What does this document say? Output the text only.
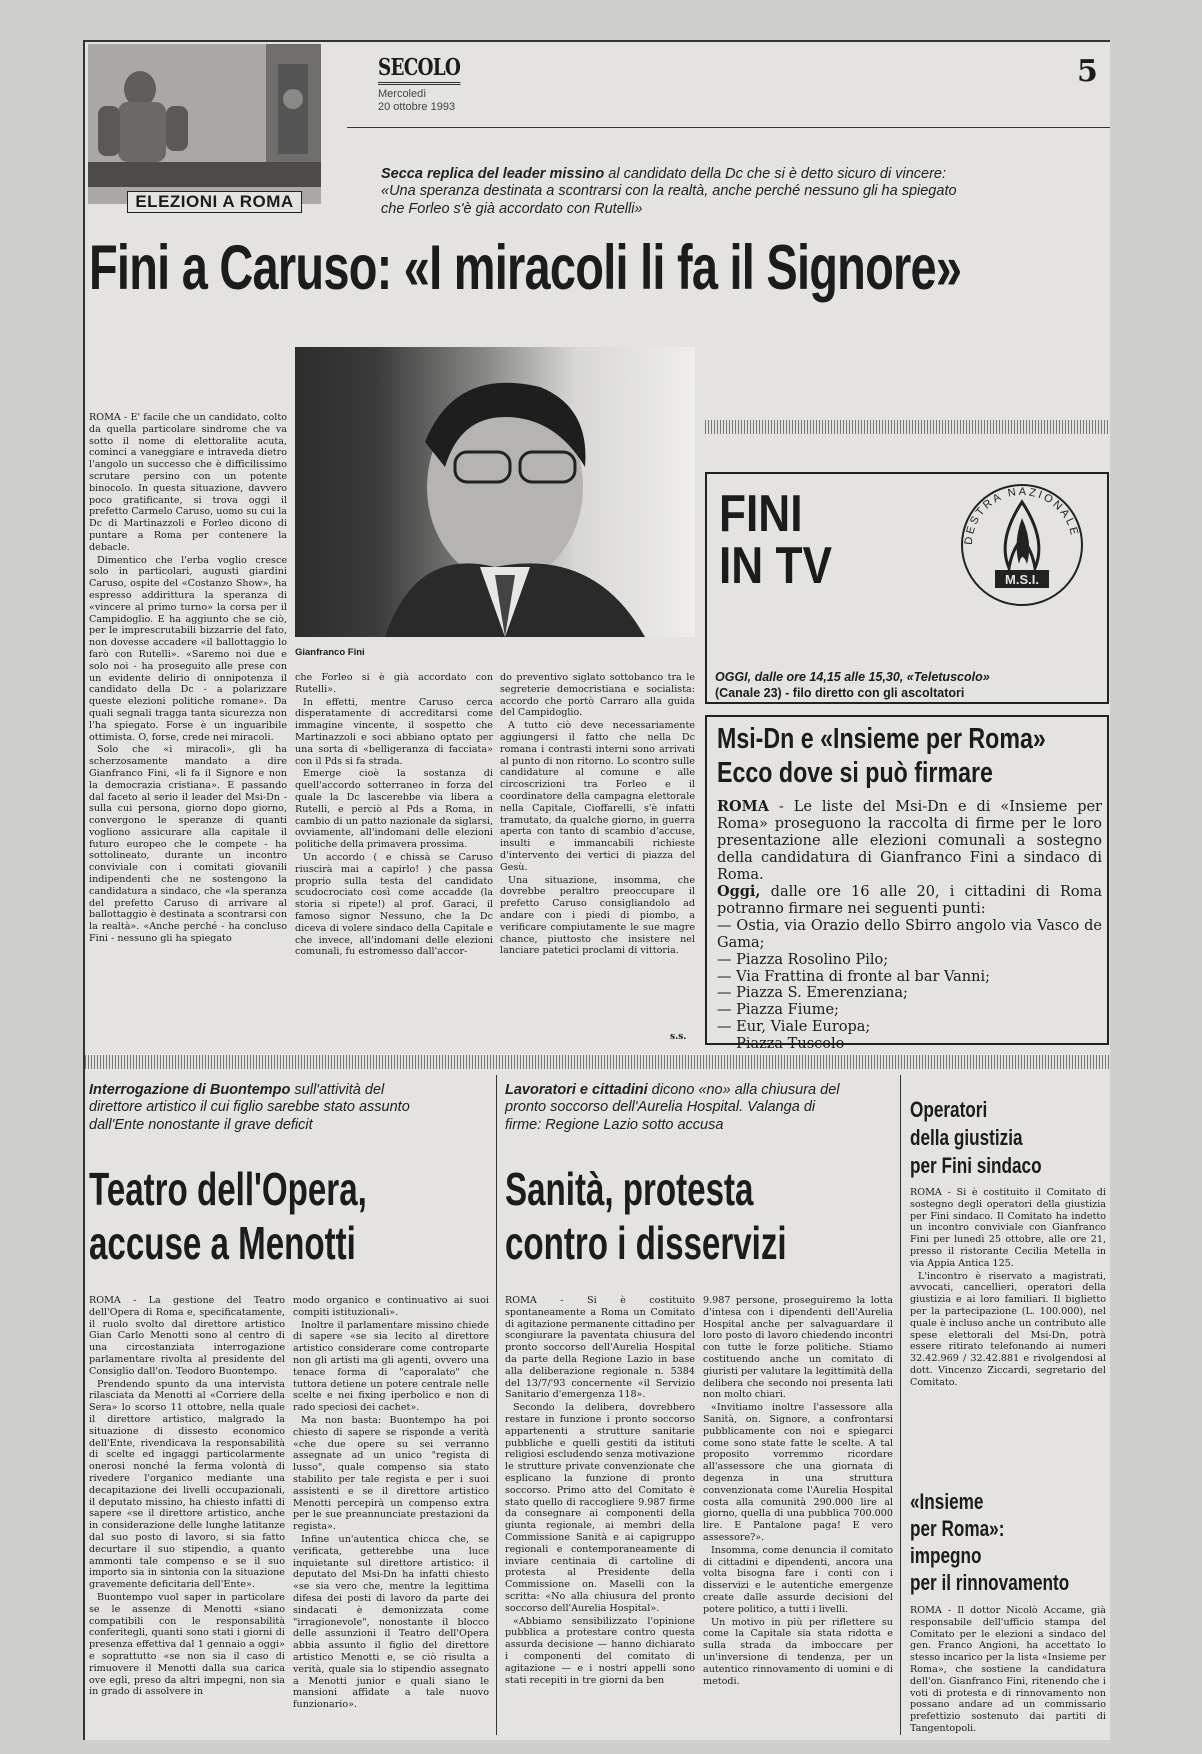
ELEZIONI A ROMA
SECOLO
Mercoledì
20 ottobre 1993
5
Secca replica del leader missino al candidato della Dc che si è detto sicuro di vincere: «Una speranza destinata a scontrarsi con la realtà, anche perché nessuno gli ha spiegato che Forleo s'è già accordato con Rutelli»
Fini a Caruso: «I miracoli li fa il Signore»
Gianfranco Fini

ROMA - E' facile che un candidato, colto da quella particolare sindrome che va sotto il nome di elettoralite acuta, cominci a vaneggiare e intraveda dietro l'angolo un successo che è difficilissimo scrutare persino con un potente binocolo. In questa situazione, davvero poco gratificante, si trova oggi il prefetto Carmelo Caruso, uomo su cui la Dc di Martinazzoli e Forleo dicono di puntare a Roma per contenere la debacle.

Dimentico che l'erba voglio cresce solo in particolari, augusti giardini Caruso, ospite del «Costanzo Show», ha espresso addirittura la speranza di «vincere al primo turno» la corsa per il Campidoglio. E ha aggiunto che se ciò, per le imprescrutabili bizzarrie del fato, non dovesse accadere «il ballottaggio lo farò con Rutelli». «Saremo noi due e solo noi - ha proseguito alle prese con un evidente delirio di onnipotenza il candidato della Dc - a polarizzare queste elezioni politiche romane». Da quali segnali tragga tanta sicurezza non l'ha spiegato. Forse è un inguaribile ottimista. O, forse, crede nei miracoli.

Solo che «i miracoli», gli ha scherzosamente mandato a dire Gianfranco Fini, «li fa il Signore e non la democrazia cristiana». E passando dal faceto al serio il leader del Msi-Dn - sulla cui persona, giorno dopo giorno, convergono le speranze di quanti vogliono assicurare alla capitale il futuro europeo che le compete - ha sottolineato, durante un incontro conviviale con i comitati giovanili indipendenti che ne sostengono la candidatura a sindaco, che «la speranza del prefetto Caruso di arrivare al ballottaggio è destinata a scontrarsi con la realtà». «Anche perché - ha concluso Fini - nessuno gli ha spiegato

che Forleo si è già accordato con Rutelli».

In effetti, mentre Caruso cerca disperatamente di accreditarsi come immagine vincente, il sospetto che Martinazzoli e soci abbiano optato per una sorta di «belligeranza di facciata» con il Pds si fa strada.

Emerge cioè la sostanza di quell'accordo sotterraneo in forza del quale la Dc lascerebbe via libera a Rutelli, e perciò al Pds a Roma, in cambio di un patto nazionale da siglarsi, ovviamente, all'indomani delle elezioni politiche della primavera prossima.

Un accordo ( e chissà se Caruso riuscirà mai a capirlo! ) che passa proprio sulla testa del candidato scudocrociato così come accadde (la storia si ripete!) al prof. Garaci, il famoso signor Nessuno, che la Dc diceva di volere sindaco della Capitale e che invece, all'indomani delle elezioni comunali, fu estromesso dall'accor-

do preventivo siglato sottobanco tra le segreterie democristiana e socialista: accordo che portò Carraro alla guida del Campidoglio.

A tutto ciò deve necessariamente aggiungersi il fatto che nella Dc romana i contrasti interni sono arrivati al punto di non ritorno. Lo scontro sulle candidature al comune e alle circoscrizioni tra Forleo e il coordinatore della campagna elettorale nella Capitale, Cioffarelli, s'è infatti tramutato, da qualche giorno, in guerra aperta con tanto di scambio d'accuse, insulti e immancabili richieste d'intervento dei vertici di piazza del Gesù.

Una situazione, insomma, che dovrebbe peraltro preoccupare il prefetto Caruso consigliandolo ad andare con i piedi di piombo, a verificare compiutamente le sue magre chance, piuttosto che insistere nel lanciare patetici proclami di vittoria.

s.s.
FINI
IN TV	DESTRA NAZIONALE
M.S.I.
OGGI, dalle ore 14,15 alle 15,30, «Teletuscolo»
(Canale 23) - filo diretto con gli ascoltatori
Msi-Dn e «Insieme per Roma»
Ecco dove si può firmare
ROMA - Le liste del Msi-Dn e di «Insieme per Roma» proseguono la raccolta di firme per le loro presentazione alle elezioni comunali a sostegno della candidatura di Gianfranco Fini a sindaco di Roma.
Oggi, dalle ore 16 alle 20, i cittadini di Roma potranno firmare nei seguenti punti:
— Ostia, via Orazio dello Sbirro angolo via Vasco de Gama;
— Piazza Rosolino Pilo;
— Via Frattina di fronte al bar Vanni;
— Piazza S. Emerenziana;
— Piazza Fiume;
— Eur, Viale Europa;
— Piazza Tuscolo
Interrogazione di Buontempo sull'attività del direttore artistico il cui figlio sarebbe stato assunto dall'Ente nonostante il grave deficit
Teatro dell'Opera,
accuse a Menotti

ROMA - La gestione del Teatro dell'Opera di Roma e, specificatamente, il ruolo svolto dal direttore artistico Gian Carlo Menotti sono al centro di una circostanziata interrogazione parlamentare rivolta al presidente del Consiglio dall'on. Teodoro Buontempo.

Prendendo spunto da una intervista rilasciata da Menotti al «Corriere della Sera» lo scorso 11 ottobre, nella quale il direttore artistico, malgrado la situazione di dissesto economico dell'Ente, rivendicava la responsabilità di scelte ed ingaggi particolarmente onerosi nonché la ferma volontà di rivedere l'organico mediante una decapitazione dei livelli occupazionali, il deputato missino, ha chiesto infatti di sapere «se il direttore artistico, anche in considerazione delle lunghe latitanze dal suo posto di lavoro, si sia fatto decurtare il suo stipendio, a quanto ammonti tale compenso e se il suo importo sia in sintonia con la situazione gravemente deficitaria dell'Ente».

Buontempo vuol saper in particolare se le assenze di Menotti «siano compatibili con le responsabilità conferitegli, quanti sono stati i giorni di presenza effettiva dal 1 gennaio a oggi» e soprattutto «se non sia il caso di rimuovere il Menotti dalla sua carica ove egli, preso da altri impegni, non sia in grado di assolvere in

modo organico e continuativo ai suoi compiti istituzionali».

Inoltre il parlamentare missino chiede di sapere «se sia lecito al direttore artistico considerare come controparte non gli artisti ma gli agenti, ovvero una tenace forma di "caporalato" che tuttora detiene un potere centrale nelle scelte e nei fixing iperbolico e non di rado speciosi dei cachet».

Ma non basta: Buontempo ha poi chiesto di sapere se risponde a verità «che due opere su sei verranno assegnate ad un unico "regista di lusso", quale compenso sia stato stabilito per tale regista e per i suoi assistenti e se il direttore artistico Menotti percepirà un compenso extra per le sue preannunciate prestazioni da regista».

Infine un'autentica chicca che, se verificata, getterebbe una luce inquietante sul direttore artistico: il deputato del Msi-Dn ha infatti chiesto «se sia vero che, mentre la legittima difesa dei posti di lavoro da parte dei sindacati è demonizzata come "irragionevole", nonostante il blocco delle assunzioni il Teatro dell'Opera abbia assunto il figlio del direttore artistico Menotti e, se ciò risulta a verità, quale sia lo stipendio assegnato a Menotti junior e quali siano le mansioni affidate a tale nuovo funzionario».

Lavoratori e cittadini dicono «no» alla chiusura del pronto soccorso dell'Aurelia Hospital. Valanga di firme: Regione Lazio sotto accusa
Sanità, protesta
contro i disservizi

ROMA - Si è costituito spontaneamente a Roma un Comitato di agitazione permanente cittadino per scongiurare la paventata chiusura del pronto soccorso dell'Aurelia Hospital da parte della Regione Lazio in base alla deliberazione regionale n. 5384 del 13/7/'93 concernente «il Servizio Sanitario d'emergenza 118».

Secondo la delibera, dovrebbero restare in funzione i pronto soccorso appartenenti a strutture sanitarie pubbliche e quelli gestiti da istituti religiosi escludendo senza motivazione le strutture private convenzionate che esplicano la funzione di pronto soccorso. Primo atto del Comitato è stato quello di raccogliere 9.987 firme da consegnare ai componenti della giunta regionale, ai membri della Commissione Sanità e ai capigruppo regionali e contemporaneamente di inviare centinaia di cartoline di protesta al Presidente della Commissione on. Maselli con la scritta: «No alla chiusura del pronto soccorso dell'Aurelia Hospital».

«Abbiamo sensibilizzato l'opinione pubblica a protestare contro questa assurda decisione — hanno dichiarato i componenti del comitato di agitazione — e i nostri appelli sono stati recepiti in tre giorni da ben

9.987 persone, proseguiremo la lotta d'intesa con i dipendenti dell'Aurelia Hospital anche per salvaguardare il loro posto di lavoro chiedendo incontri con tutte le forze politiche. Stiamo costituendo anche un comitato di giuristi per valutare la legittimità della delibera che secondo noi presenta lati non molto chiari.

«Invitiamo inoltre l'assessore alla Sanità, on. Signore, a confrontarsi pubblicamente con noi e spiegarci come sono state fatte le scelte. A tal proposito vorremmo ricordare all'assessore che una giornata di degenza in una struttura convenzionata come l'Aurelia Hospital costa alla comunità 290.000 lire al giorno, quella di una pubblica 700.000 lire. E Pantalone paga! E vero assessore?».

Insomma, come denuncia il comitato di cittadini e dipendenti, ancora una volta bisogna fare i conti con i disservizi e le autentiche emergenze create dalle assurde decisioni del potere politico, a tutti i livelli.

Un motivo in più per riflettere su come la Capitale sia stata ridotta e sulla strada da imboccare per un'inversione di tendenza, per un autentico rinnovamento di uomini e di metodi.

Operatori
della giustizia
per Fini sindaco

ROMA - Si è costituito il Comitato di sostegno degli operatori della giustizia per Fini sindaco. Il Comitato ha indetto un incontro conviviale con Gianfranco Fini per lunedì 25 ottobre, alle ore 21, presso il ristorante Cecilia Metella in via Appia Antica 125.

L'incontro è riservato a magistrati, avvocati, cancellieri, operatori della giustizia e ai loro familiari. Il biglietto per la partecipazione (L. 100.000), nel quale è incluso anche un contributo alle spese elettorali del Msi-Dn, potrà essere ritirato telefonando ai numeri 32.42.969 / 32.42.881 e rivolgendosi al dott. Vincenzo Ziccardi, segretario del Comitato.

«Insieme
per Roma»:
impegno
per il rinnovamento

ROMA - Il dottor Nicolò Accame, già responsabile dell'ufficio stampa del Comitato per le elezioni a sindaco del gen. Franco Angioni, ha accettato lo stesso incarico per la lista «Insieme per Roma», che sostiene la candidatura dell'on. Gianfranco Fini, ritenendo che i voti di protesta e di rinnovamento non possano andare ad un commissario prefettizio sostenuto dai partiti di Tangentopoli.
